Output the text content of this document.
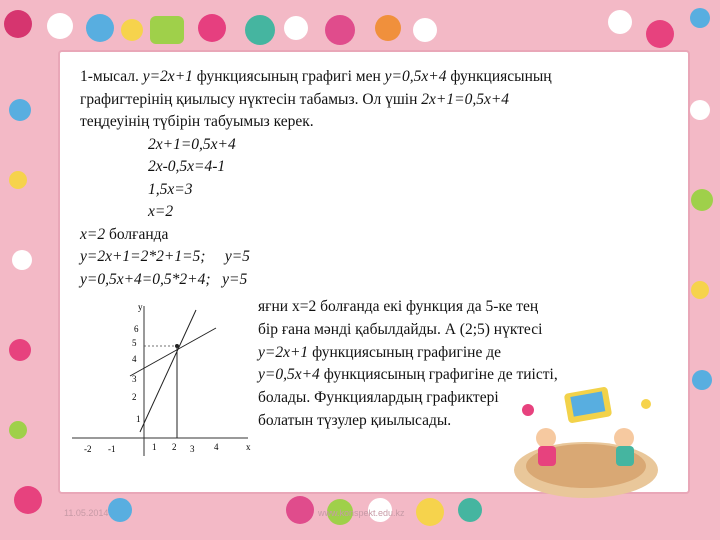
1-мысал. y=2x+1 функциясының графигі мен y=0,5x+4 функциясының
графигтерінің қиылысу нүктесін табамыз. Ол үшін 2x+1=0,5x+4
теңдеуінің түбірін табуымыз керек.
2x+1=0,5x+4
2x-0,5x=4-1
1,5x=3
x=2
x=2 болғанда
y=2x+1=2*2+1=5;     y=5
y=0,5x+4=0,5*2+4;   y=5
x
y
-2 -1	1 2 3 4
6
5
4
3
2
1
яғни х=2 болғанда екі функция да 5-ке тең
бір ғана мәнді қабылдайды. А (2;5) нүктесі
y=2x+1 функциясының графигіне де
y=0,5x+4 функциясының графигіне де тиісті,
болады. Функциялардың графиктері
болатын түзулер қиылысады.
11.05.2014	www.konspekt.edu.kz
